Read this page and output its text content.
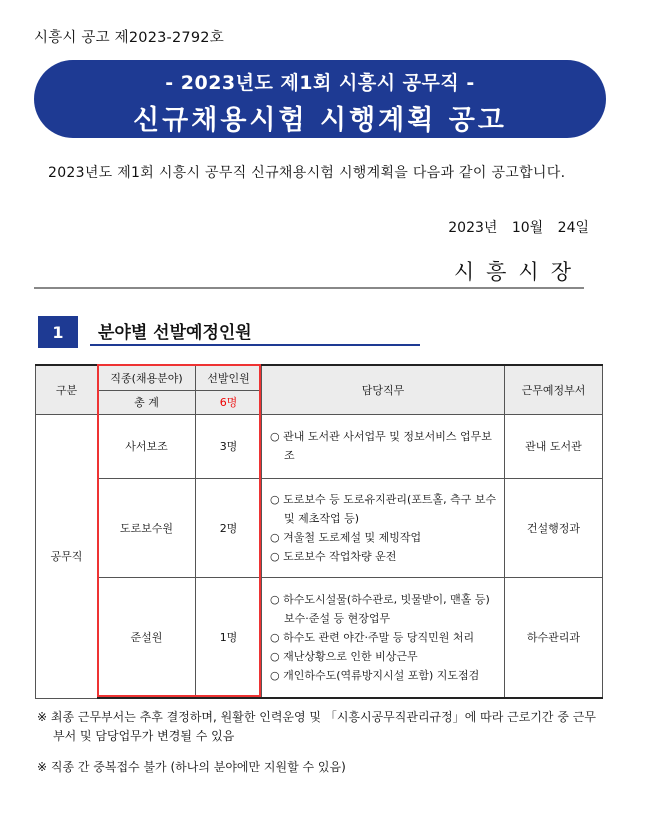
시흥시 공고 제2023-2792호
- 2023년도 제1회 시흥시 공무직 -
신규채용시험 시행계획 공고
2023년도 제1회 시흥시 공무직 신규채용시험 시행계획을 다음과 같이 공고합니다.
2023년 10월 24일
시흥시장
1	분야별 선발예정인원
구분	직종(채용분야)	선발인원	담당직무	근무예정부서
	총 계	6명		
공무직	사서보조	3명	○ 관내 도서관 사서업무 및 정보서비스 업무보조	관내 도서관
	도로보수원	2명	○ 도로보수 등 도로유지관리(포트홀, 측구 보수 및 제초작업 등)
○ 겨울철 도로제설 및 제빙작업
○ 도로보수 작업차량 운전	건설행정과
	준설원	1명	○ 하수도시설물(하수관로, 빗물받이, 맨홀 등) 보수·준설 등 현장업무
○ 하수도 관련 야간·주말 등 당직민원 처리
○ 재난상황으로 인한 비상근무
○ 개인하수도(역류방지시설 포함) 지도점검	하수관리과
※ 최종 근무부서는 추후 결정하며, 원활한 인력운영 및 「시흥시공무직관리규정」에 따라 근로기간 중 근무부서 및 담당업무가 변경될 수 있음
※ 직종 간 중복접수 불가 (하나의 분야에만 지원할 수 있음)
